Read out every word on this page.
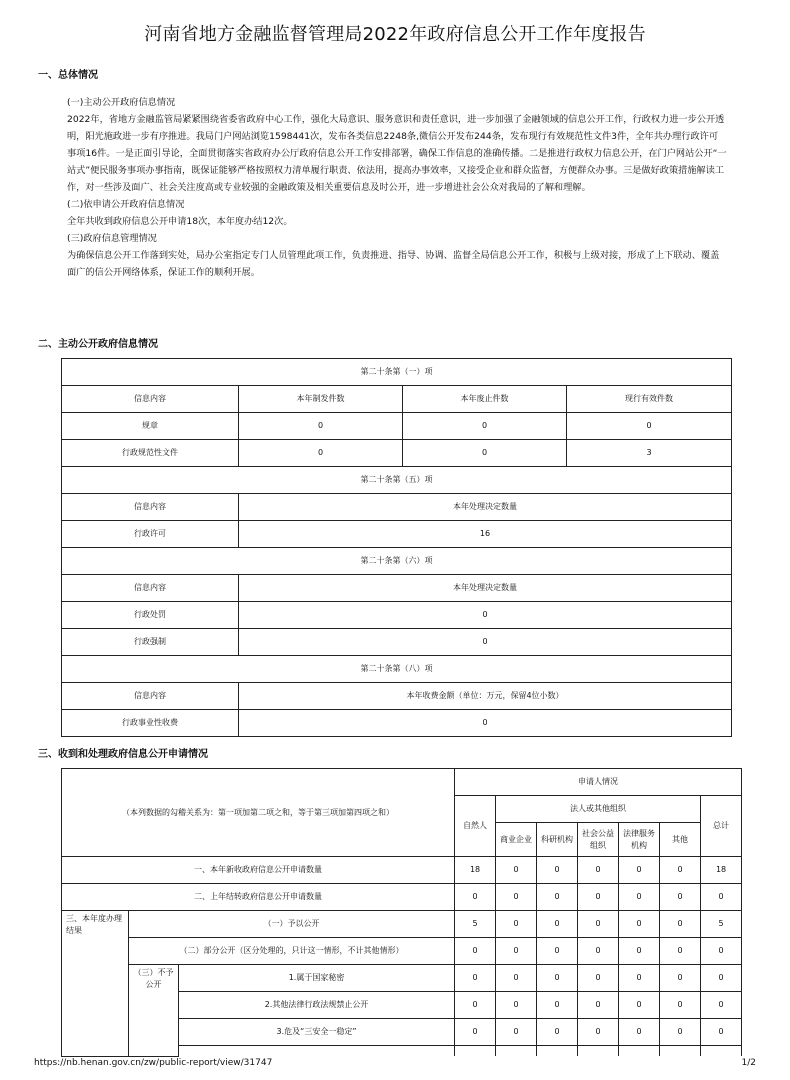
河南省地方金融监督管理局2022年政府信息公开工作年度报告
一、总体情况

(一)主动公开政府信息情况

2022年，省地方金融监管局紧紧围绕省委省政府中心工作，强化大局意识、服务意识和责任意识，进一步加强了金融领域的信息公开工作，行政权力进一步公开透明，阳光施政进一步有序推进。我局门户网站浏览1598441次，发布各类信息2248条,微信公开发布244条，发布现行有效规范性文件3件，全年共办理行政许可事项16件。一是正面引导论，全面贯彻落实省政府办公厅政府信息公开工作安排部署，确保工作信息的准确传播。二是推进行政权力信息公开，在门户网站公开“一站式”便民服务事项办事指南，既保证能够严格按照权力清单履行职责、依法用，提高办事效率，又接受企业和群众监督，方便群众办事。三是做好政策措施解读工作，对一些涉及面广、社会关注度高或专业较强的金融政策及相关重要信息及时公开，进一步增进社会公众对我局的了解和理解。

(二)依申请公开政府信息情况

全年共收到政府信息公开申请18次，本年度办结12次。

(三)政府信息管理情况

为确保信息公开工作落到实处，局办公室指定专门人员管理此项工作，负责推进、指导、协调、监督全局信息公开工作，积极与上级对接，形成了上下联动、覆盖面广的信公开网络体系，保证工作的顺利开展。

二、主动公开政府信息情况
第二十条第（一）项			
信息内容	本年制发件数	本年废止件数	现行有效件数
规章	0	0	0
行政规范性文件	0	0	3
第二十条第（五）项			
信息内容	本年处理决定数量		
行政许可	16		
第二十条第（六）项			
信息内容	本年处理决定数量		
行政处罚	0		
行政强制	0		
第二十条第（八）项			
信息内容	本年收费金额（单位：万元，保留4位小数）		
行政事业性收费	0		
三、收到和处理政府信息公开申请情况
（本列数据的勾稽关系为：第一项加第二项之和，等于第三项加第四项之和）			申请人情况							
			自然人	法人或其他组织					总计	
				商业企业	科研机构	社会公益组织	法律服务机构	其他		
一、本年新收政府信息公开申请数量			18	0	0	0	0	0	18	
二、上年结转政府信息公开申请数量			0	0	0	0	0	0	0	
三、本年度办理结果	（一）予以公开		5	0	0	0	0	0	5	
	（二）部分公开（区分处理的，只计这一情形，不计其他情形）		0	0	0	0	0	0	0	
	（三）不予公开	1.属于国家秘密	0	0	0	0	0	0	0	
		2.其他法律行政法规禁止公开	0	0	0	0	0	0	0	
		3.危及“三安全一稳定”	0	0	0	0	0	0	0	

https://nb.henan.gov.cn/zw/public-report/view/31747	1/2
